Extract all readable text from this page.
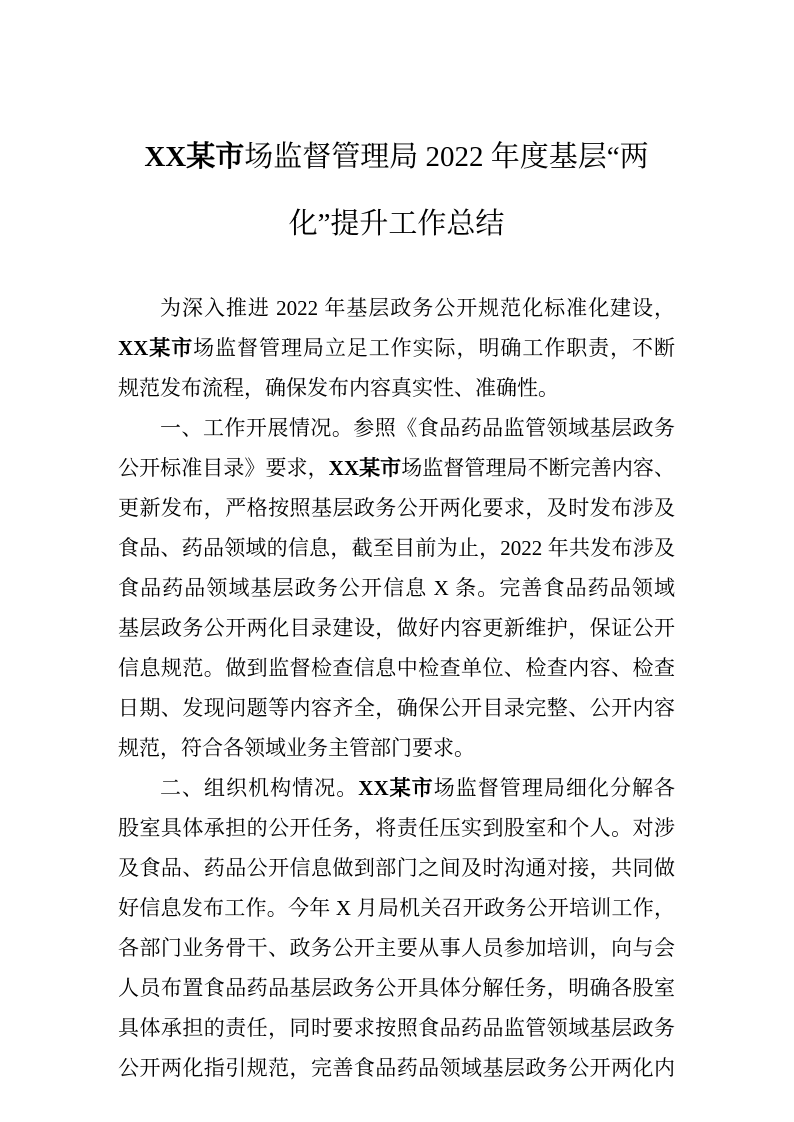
XX某市场监督管理局 2022 年度基层“两
化”提升工作总结
为深入推进 2022 年基层政务公开规范化标准化建设，
XX某市场监督管理局立足工作实际，明确工作职责，不断
规范发布流程，确保发布内容真实性、准确性。
一、工作开展情况。参照《食品药品监管领域基层政务
公开标准目录》要求，XX某市场监督管理局不断完善内容、
更新发布，严格按照基层政务公开两化要求，及时发布涉及
食品、药品领域的信息，截至目前为止，2022 年共发布涉及
食品药品领域基层政务公开信息 X 条。完善食品药品领域
基层政务公开两化目录建设，做好内容更新维护，保证公开
信息规范。做到监督检查信息中检查单位、检查内容、检查
日期、发现问题等内容齐全，确保公开目录完整、公开内容
规范，符合各领域业务主管部门要求。
二、组织机构情况。XX某市场监督管理局细化分解各
股室具体承担的公开任务，将责任压实到股室和个人。对涉
及食品、药品公开信息做到部门之间及时沟通对接，共同做
好信息发布工作。今年 X 月局机关召开政务公开培训工作，
各部门业务骨干、政务公开主要从事人员参加培训，向与会
人员布置食品药品基层政务公开具体分解任务，明确各股室
具体承担的责任，同时要求按照食品药品监管领域基层政务
公开两化指引规范，完善食品药品领域基层政务公开两化内
